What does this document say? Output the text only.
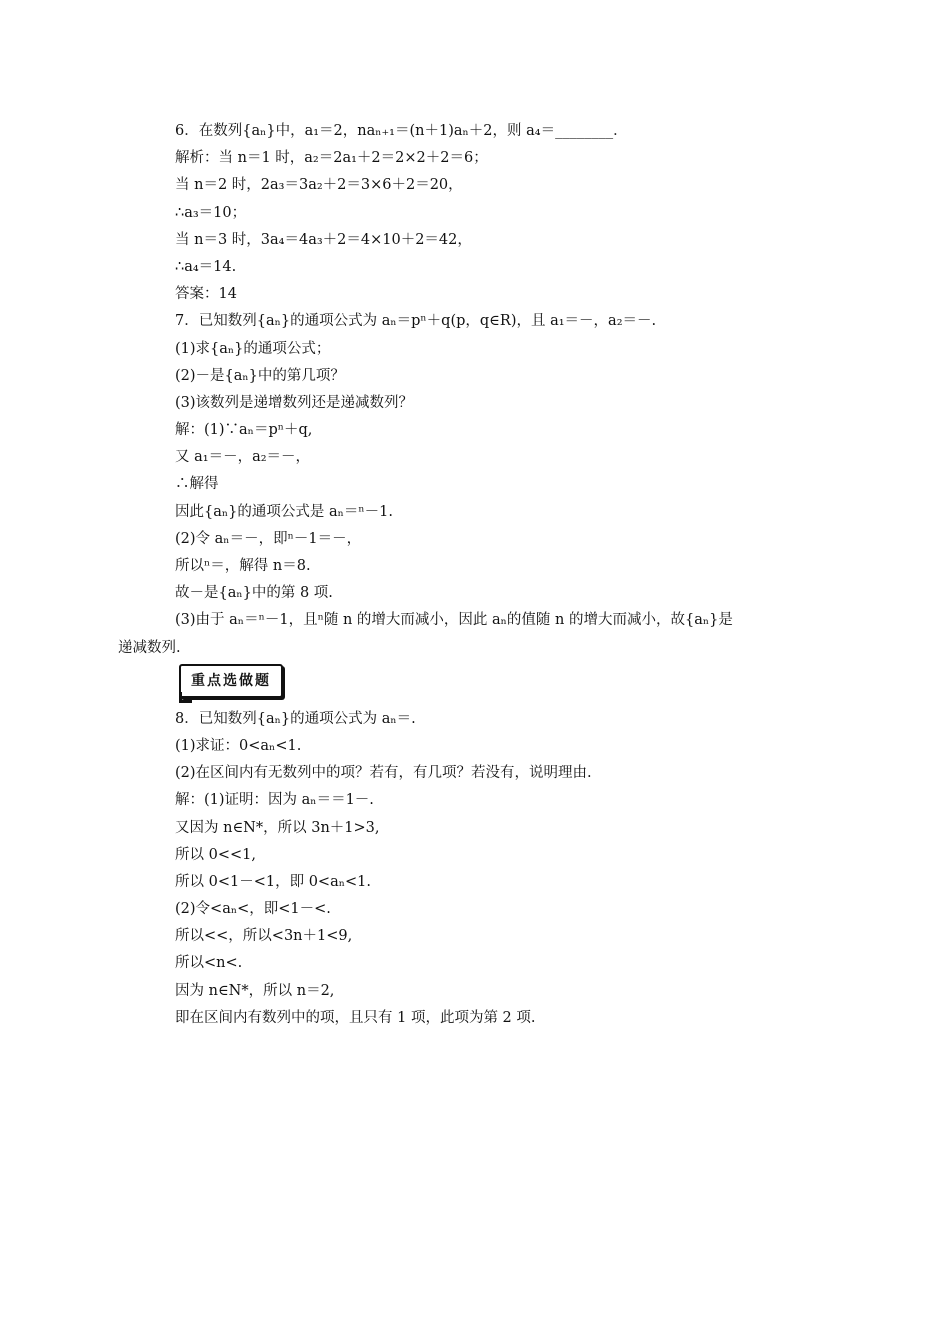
6．在数列{aₙ}中，a₁＝2，naₙ₊₁＝(n＋1)aₙ＋2，则 a₄＝________．
解析：当 n＝1 时，a₂＝2a₁＋2＝2×2＋2＝6；
当 n＝2 时，2a₃＝3a₂＋2＝3×6＋2＝20，
∴a₃＝10；
当 n＝3 时，3a₄＝4a₃＋2＝4×10＋2＝42，
∴a₄＝14.
答案：14
7．已知数列{aₙ}的通项公式为 aₙ＝pⁿ＋q(p，q∈R)，且 a₁＝－，a₂＝－.
(1)求{aₙ}的通项公式；
(2)－是{aₙ}中的第几项？
(3)该数列是递增数列还是递减数列？
解：(1)∵aₙ＝pⁿ＋q,
又 a₁＝－，a₂＝－，
∴解得
因此{aₙ}的通项公式是 aₙ＝ⁿ－1.
(2)令 aₙ＝－，即ⁿ－1＝－，
所以ⁿ＝，解得 n＝8.
故－是{aₙ}中的第 8 项.
(3)由于 aₙ＝ⁿ－1，且ⁿ随 n 的增大而减小，因此 aₙ的值随 n 的增大而减小，故{aₙ}是
递减数列.
重点选做题
8．已知数列{aₙ}的通项公式为 aₙ＝.
(1)求证：0<aₙ<1.
(2)在区间内有无数列中的项？若有，有几项？若没有，说明理由.
解：(1)证明：因为 aₙ＝＝1－.
又因为 n∈N*，所以 3n＋1>3,
所以 0<<1,
所以 0<1－<1，即 0<aₙ<1.
(2)令<aₙ<，即<1－<.
所以<<，所以<3n＋1<9,
所以<n<.
因为 n∈N*，所以 n＝2,
即在区间内有数列中的项，且只有 1 项，此项为第 2 项.
